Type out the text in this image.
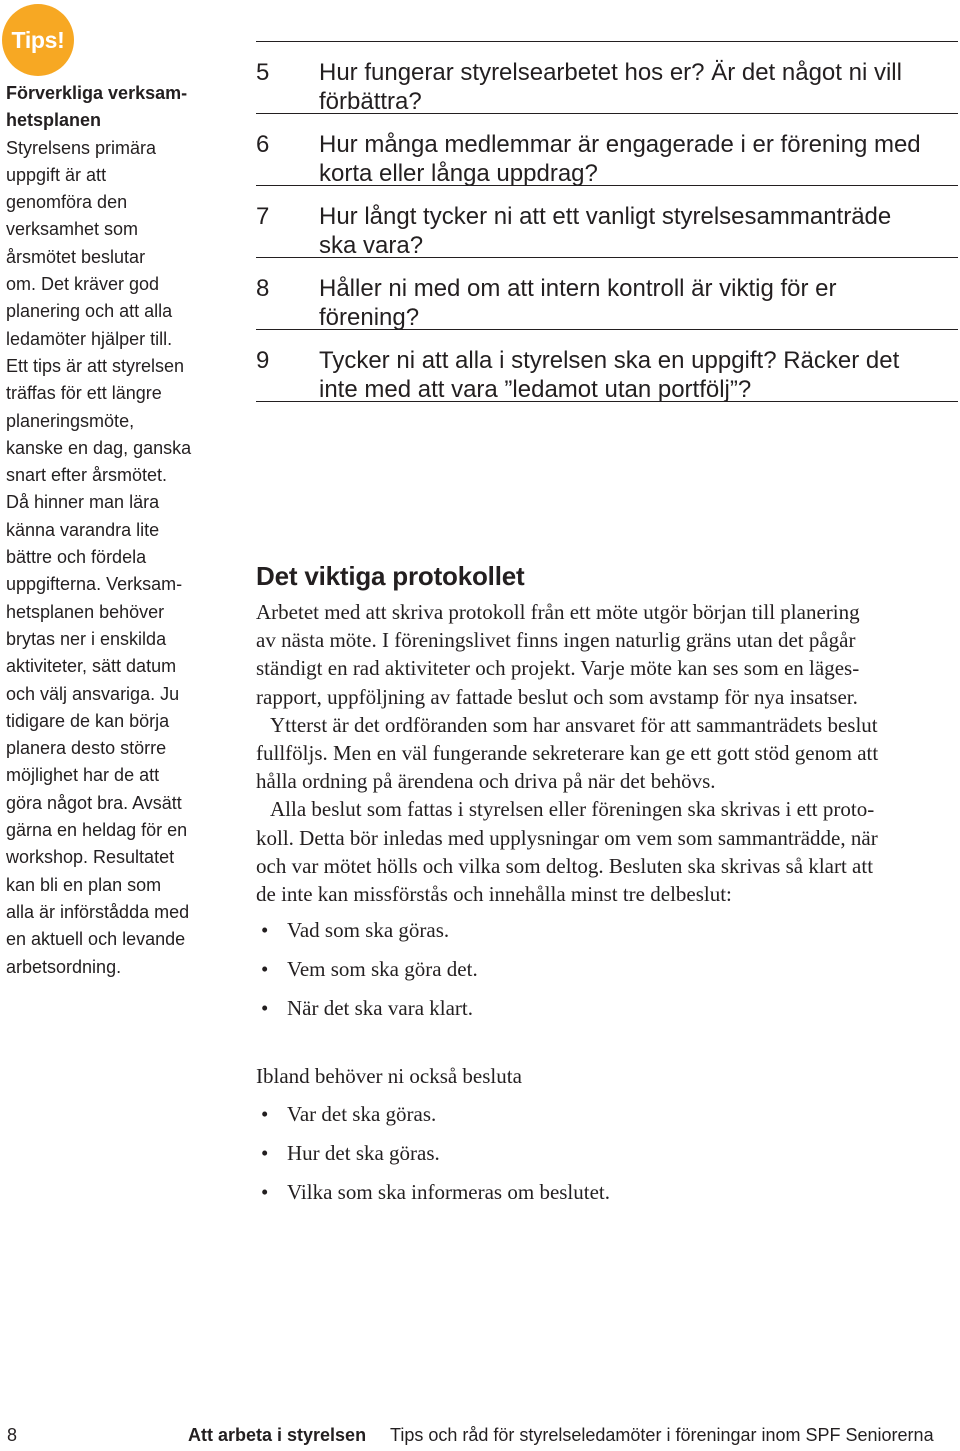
Tips!
Förverkliga verksam-
hetsplanen
Styrelsens primära
uppgift är att
genomföra den
verksamhet som
årsmötet beslutar
om. Det kräver god
planering och att alla
ledamöter hjälper till.
Ett tips är att styrelsen
träffas för ett längre
planeringsmöte,
kanske en dag, ganska
snart efter årsmötet.
Då hinner man lära
känna varandra lite
bättre och fördela
uppgifterna. Verksam-
hetsplanen behöver
brytas ner i enskilda
aktiviteter, sätt datum
och välj ansvariga. Ju
tidigare de kan börja
planera desto större
möjlighet har de att
göra något bra. Avsätt
gärna en heldag för en
workshop. Resultatet
kan bli en plan som
alla är införstådda med
en aktuell och levande
arbetsordning.
5	Hur fungerar styrelsearbetet hos er? Är det något ni vill
förbättra?
6	Hur många medlemmar är engagerade i er förening med
korta eller långa uppdrag?
7	Hur långt tycker ni att ett vanligt styrelsesammanträde
ska vara?
8	Håller ni med om att intern kontroll är viktig för er
förening?
9	Tycker ni att alla i styrelsen ska en uppgift? Räcker det
inte med att vara ”ledamot utan portfölj”?
Det viktiga protokollet
Arbetet med att skriva protokoll från ett möte utgör början till planering
av nästa möte. I föreningslivet finns ingen naturlig gräns utan det pågår
ständigt en rad aktiviteter och projekt. Varje möte kan ses som en läges-
rapport, uppföljning av fattade beslut och som avstamp för nya insatser.
Ytterst är det ordföranden som har ansvaret för att sammanträdets beslut
fullföljs. Men en väl fungerande sekreterare kan ge ett gott stöd genom att
hålla ordning på ärendena och driva på när det behövs.
Alla beslut som fattas i styrelsen eller föreningen ska skrivas i ett proto-
koll. Detta bör inledas med upplysningar om vem som sammanträdde, när
och var mötet hölls och vilka som deltog. Besluten ska skrivas så klart att
de inte kan missförstås och innehålla minst tre delbeslut:
• Vad som ska göras.
• Vem som ska göra det.
• När det ska vara klart.
Ibland behöver ni också besluta
• Var det ska göras.
• Hur det ska göras.
• Vilka som ska informeras om beslutet.
8	Att arbeta i styrelsen Tips och råd för styrelseledamöter i föreningar inom SPF Seniorerna
